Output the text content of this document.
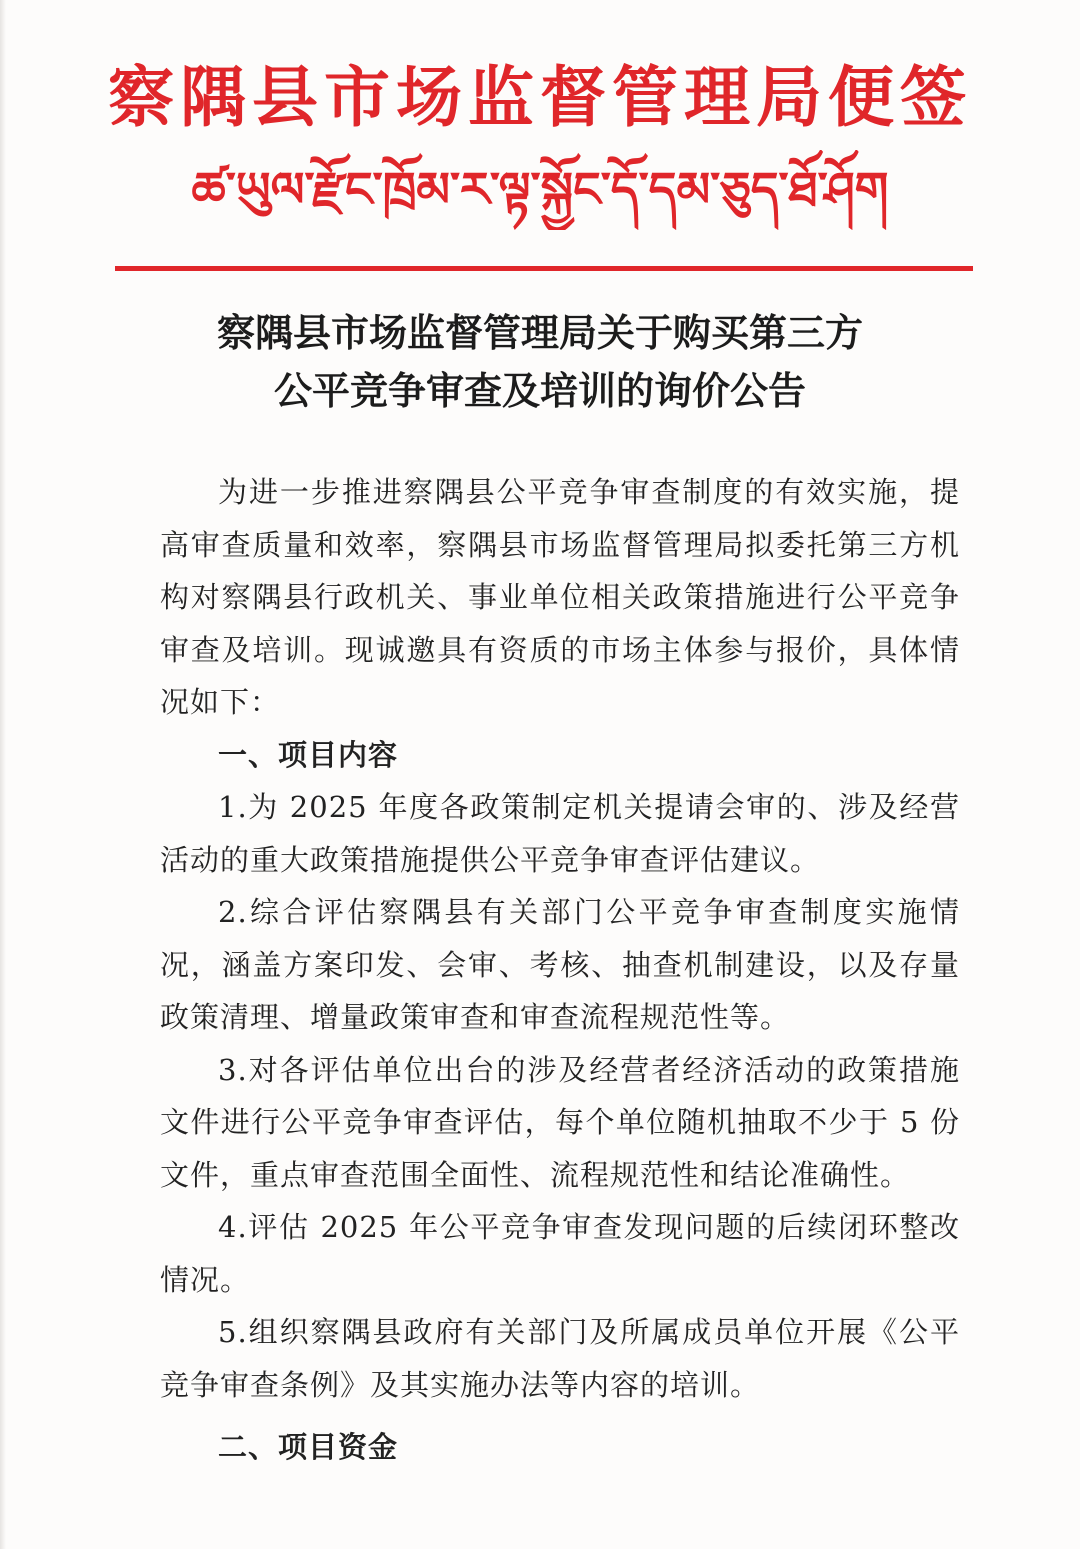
察隅县市场监督管理局便签
ཚ་ཡུལ་རྫོང་ཁྲོམ་ར་ལྟ་སྐྱོང་དོ་དམ་ཅུད་ཐོ་ཤོག
察隅县市场监督管理局关于购买第三方
公平竞争审查及培训的询价公告

为进一步推进察隅县公平竞争审查制度的有效实施，提高审查质量和效率，察隅县市场监督管理局拟委托第三方机构对察隅县行政机关、事业单位相关政策措施进行公平竞争审查及培训。现诚邀具有资质的市场主体参与报价，具体情况如下：

一、项目内容

1.为 2025 年度各政策制定机关提请会审的、涉及经营活动的重大政策措施提供公平竞争审查评估建议。

2.综合评估察隅县有关部门公平竞争审查制度实施情况，涵盖方案印发、会审、考核、抽查机制建设，以及存量政策清理、增量政策审查和审查流程规范性等。

3.对各评估单位出台的涉及经营者经济活动的政策措施文件进行公平竞争审查评估，每个单位随机抽取不少于 5 份文件，重点审查范围全面性、流程规范性和结论准确性。

4.评估 2025 年公平竞争审查发现问题的后续闭环整改情况。

5.组织察隅县政府有关部门及所属成员单位开展《公平竞争审查条例》及其实施办法等内容的培训。

二、项目资金
